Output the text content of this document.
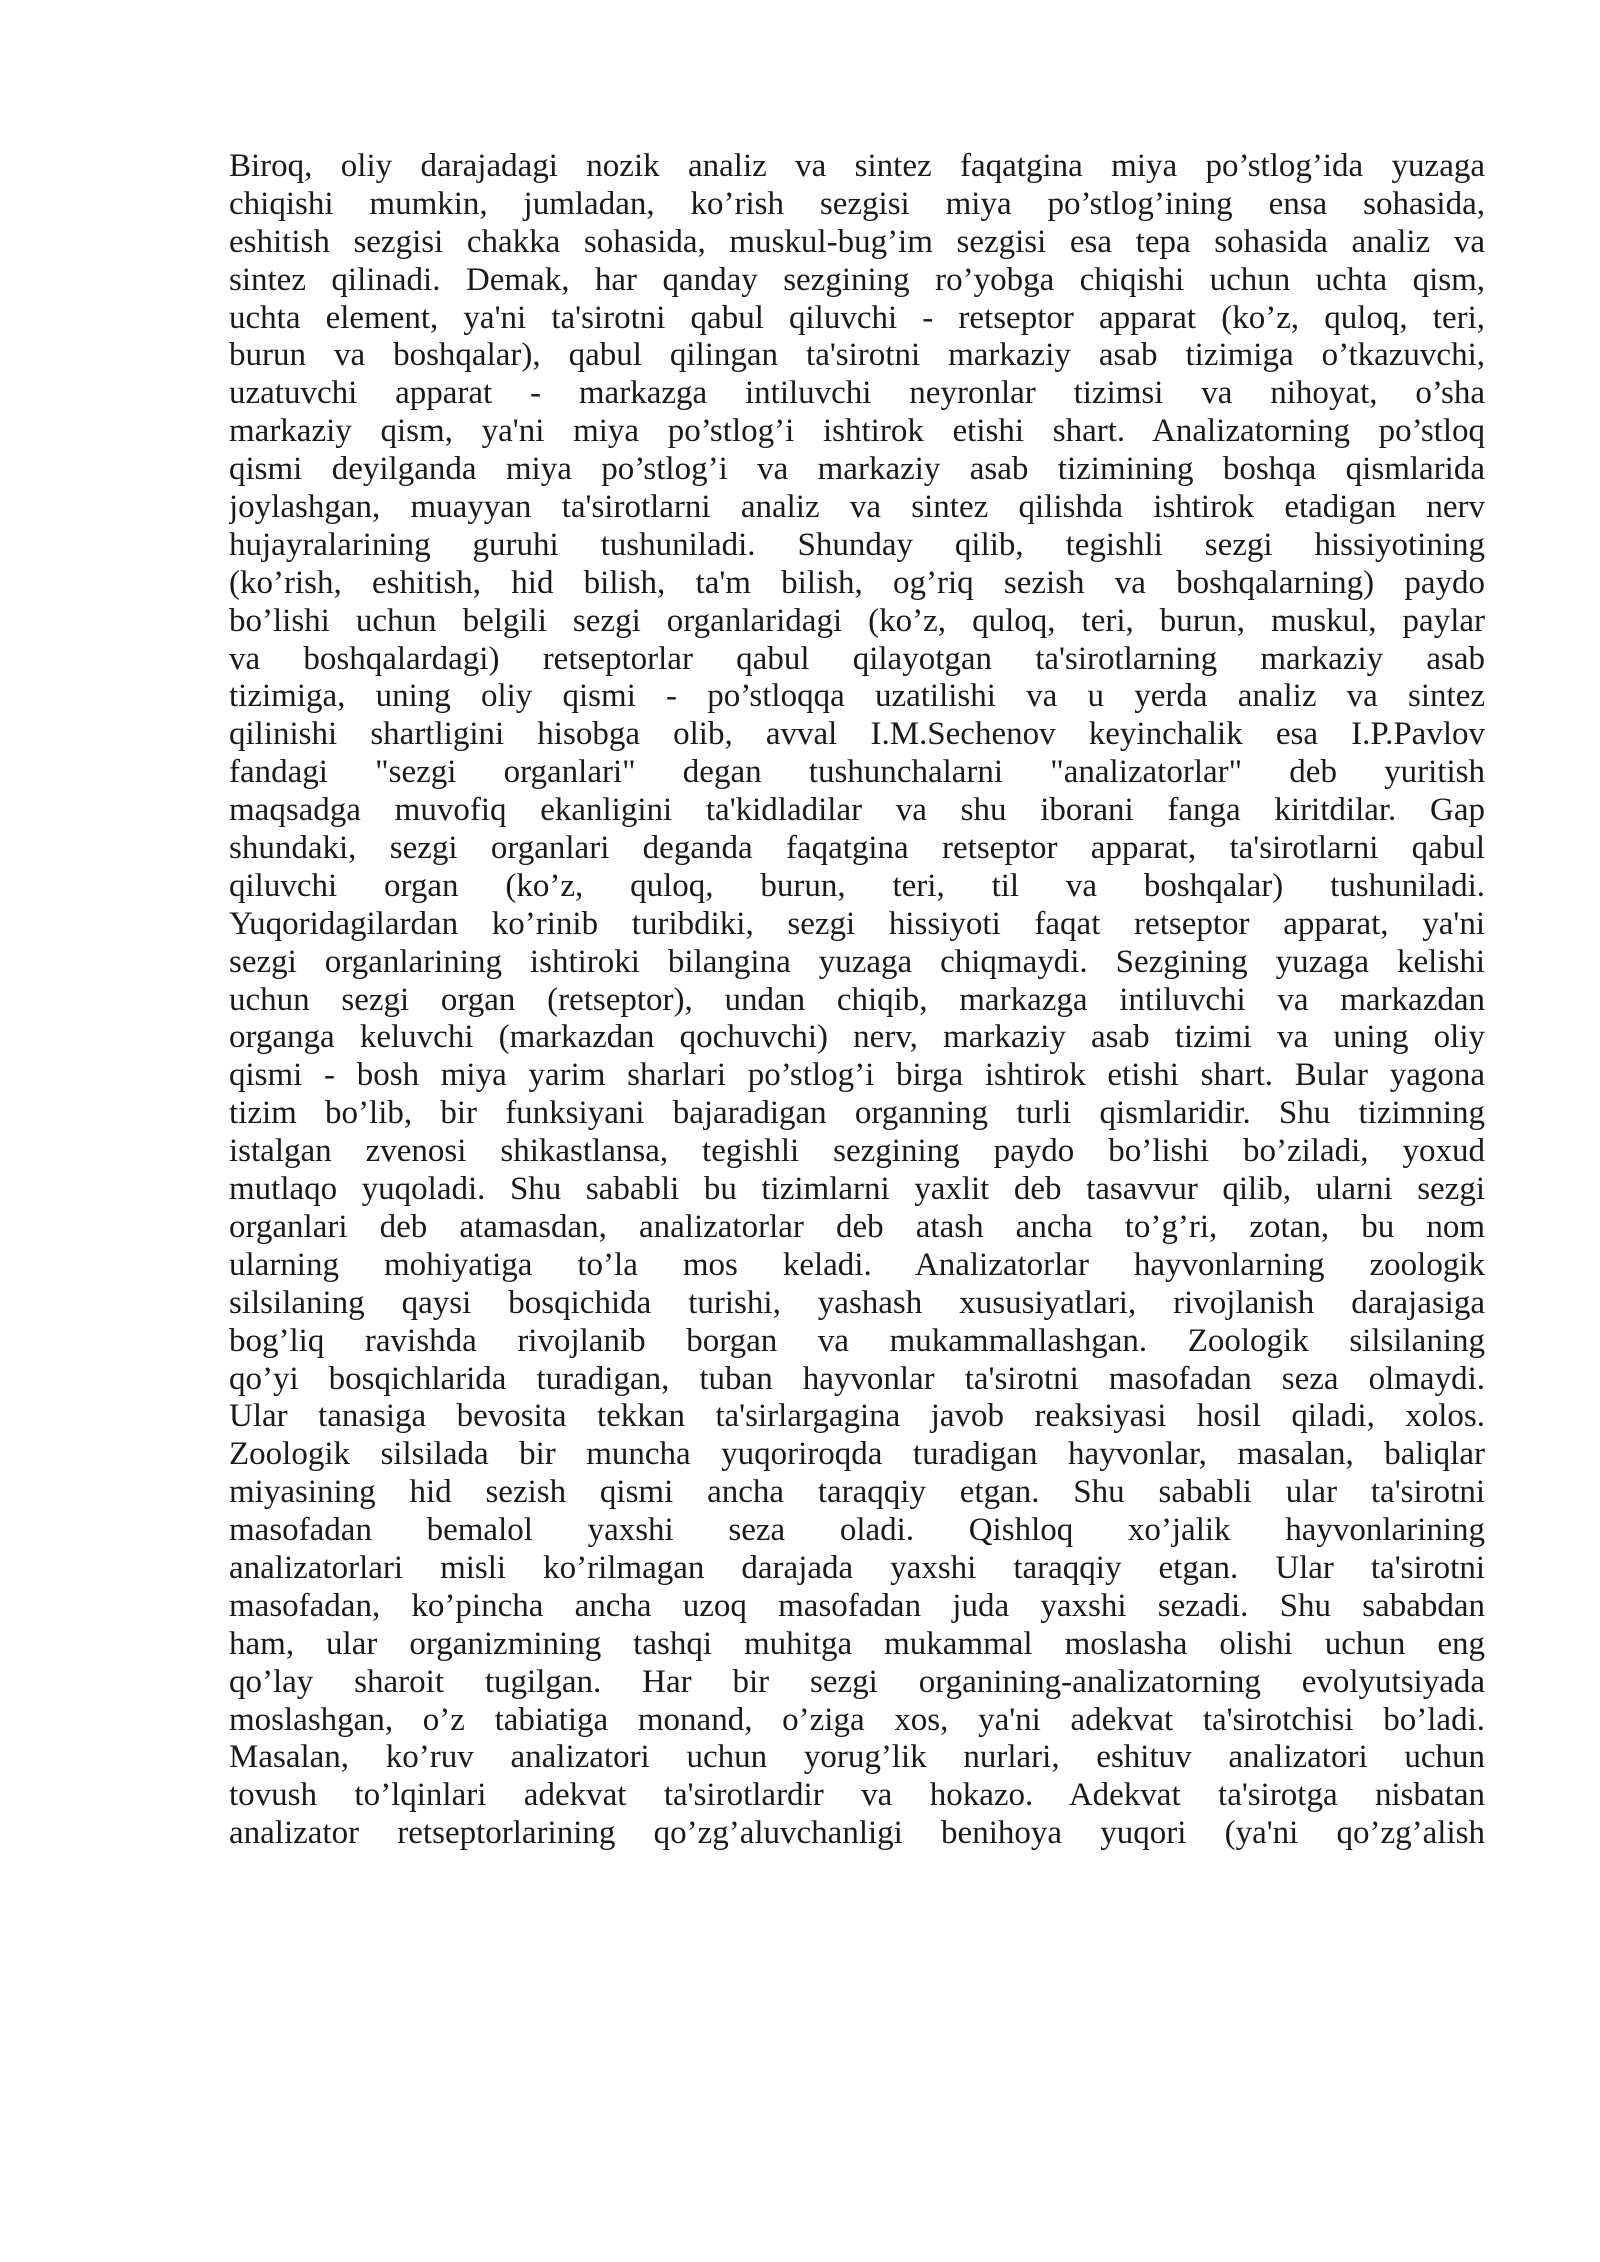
Biroq, oliy darajadagi nozik analiz va sintez faqatgina miya po’stlog’ida yuzaga
chiqishi mumkin, jumladan, ko’rish sezgisi miya po’stlog’ining ensa sohasida,
eshitish sezgisi chakka sohasida, muskul-bug’im sezgisi esa tepa sohasida analiz va
sintez qilinadi. Demak, har qanday sezgining ro’yobga chiqishi uchun uchta qism,
uchta element, ya'ni ta'sirotni qabul qiluvchi - retseptor apparat (ko’z, quloq, teri,
burun va boshqalar), qabul qilingan ta'sirotni markaziy asab tizimiga o’tkazuvchi,
uzatuvchi apparat - markazga intiluvchi neyronlar tizimsi va nihoyat, o’sha
markaziy qism, ya'ni miya po’stlog’i ishtirok etishi shart. Analizatorning po’stloq
qismi deyilganda miya po’stlog’i va markaziy asab tizimining boshqa qismlarida
joylashgan, muayyan ta'sirotlarni analiz va sintez qilishda ishtirok etadigan nerv
hujayralarining guruhi tushuniladi. Shunday qilib, tegishli sezgi hissiyotining
(ko’rish, eshitish, hid bilish, ta'm bilish, og’riq sezish va boshqalarning) paydo
bo’lishi uchun belgili sezgi organlaridagi (ko’z, quloq, teri, burun, muskul, paylar
va boshqalardagi) retseptorlar qabul qilayotgan ta'sirotlarning markaziy asab
tizimiga, uning oliy qismi - po’stloqqa uzatilishi va u yerda analiz va sintez
qilinishi shartligini hisobga olib, avval I.M.Sechenov keyinchalik esa I.P.Pavlov
fandagi "sezgi organlari" degan tushunchalarni "analizatorlar" deb yuritish
maqsadga muvofiq ekanligini ta'kidladilar va shu iborani fanga kiritdilar. Gap
shundaki, sezgi organlari deganda faqatgina retseptor apparat, ta'sirotlarni qabul
qiluvchi organ (ko’z, quloq, burun, teri, til va boshqalar) tushuniladi.
Yuqoridagilardan ko’rinib turibdiki, sezgi hissiyoti faqat retseptor apparat, ya'ni
sezgi organlarining ishtiroki bilangina yuzaga chiqmaydi. Sezgining yuzaga kelishi
uchun sezgi organ (retseptor), undan chiqib, markazga intiluvchi va markazdan
organga keluvchi (markazdan qochuvchi) nerv, markaziy asab tizimi va uning oliy
qismi - bosh miya yarim sharlari po’stlog’i birga ishtirok etishi shart. Bular yagona
tizim bo’lib, bir funksiyani bajaradigan organning turli qismlaridir. Shu tizimning
istalgan zvenosi shikastlansa, tegishli sezgining paydo bo’lishi bo’ziladi, yoxud
mutlaqo yuqoladi. Shu sababli bu tizimlarni yaxlit deb tasavvur qilib, ularni sezgi
organlari deb atamasdan, analizatorlar deb atash ancha to’g’ri, zotan, bu nom
ularning mohiyatiga to’la mos keladi. Analizatorlar hayvonlarning zoologik
silsilaning qaysi bosqichida turishi, yashash xususiyatlari, rivojlanish darajasiga
bog’liq ravishda rivojlanib borgan va mukammallashgan. Zoologik silsilaning
qo’yi bosqichlarida turadigan, tuban hayvonlar ta'sirotni masofadan seza olmaydi.
Ular tanasiga bevosita tekkan ta'sirlargagina javob reaksiyasi hosil qiladi, xolos.
Zoologik silsilada bir muncha yuqoriroqda turadigan hayvonlar, masalan, baliqlar
miyasining hid sezish qismi ancha taraqqiy etgan. Shu sababli ular ta'sirotni
masofadan bemalol yaxshi seza oladi. Qishloq xo’jalik hayvonlarining
analizatorlari misli ko’rilmagan darajada yaxshi taraqqiy etgan. Ular ta'sirotni
masofadan, ko’pincha ancha uzoq masofadan juda yaxshi sezadi. Shu sababdan
ham, ular organizmining tashqi muhitga mukammal moslasha olishi uchun eng
qo’lay sharoit tugilgan. Har bir sezgi organining-analizatorning evolyutsiyada
moslashgan, o’z tabiatiga monand, o’ziga xos, ya'ni adekvat ta'sirotchisi bo’ladi.
Masalan, ko’ruv analizatori uchun yorug’lik nurlari, eshituv analizatori uchun
tovush to’lqinlari adekvat ta'sirotlardir va hokazo. Adekvat ta'sirotga nisbatan
analizator retseptorlarining qo’zg’aluvchanligi benihoya yuqori (ya'ni qo’zg’alish
